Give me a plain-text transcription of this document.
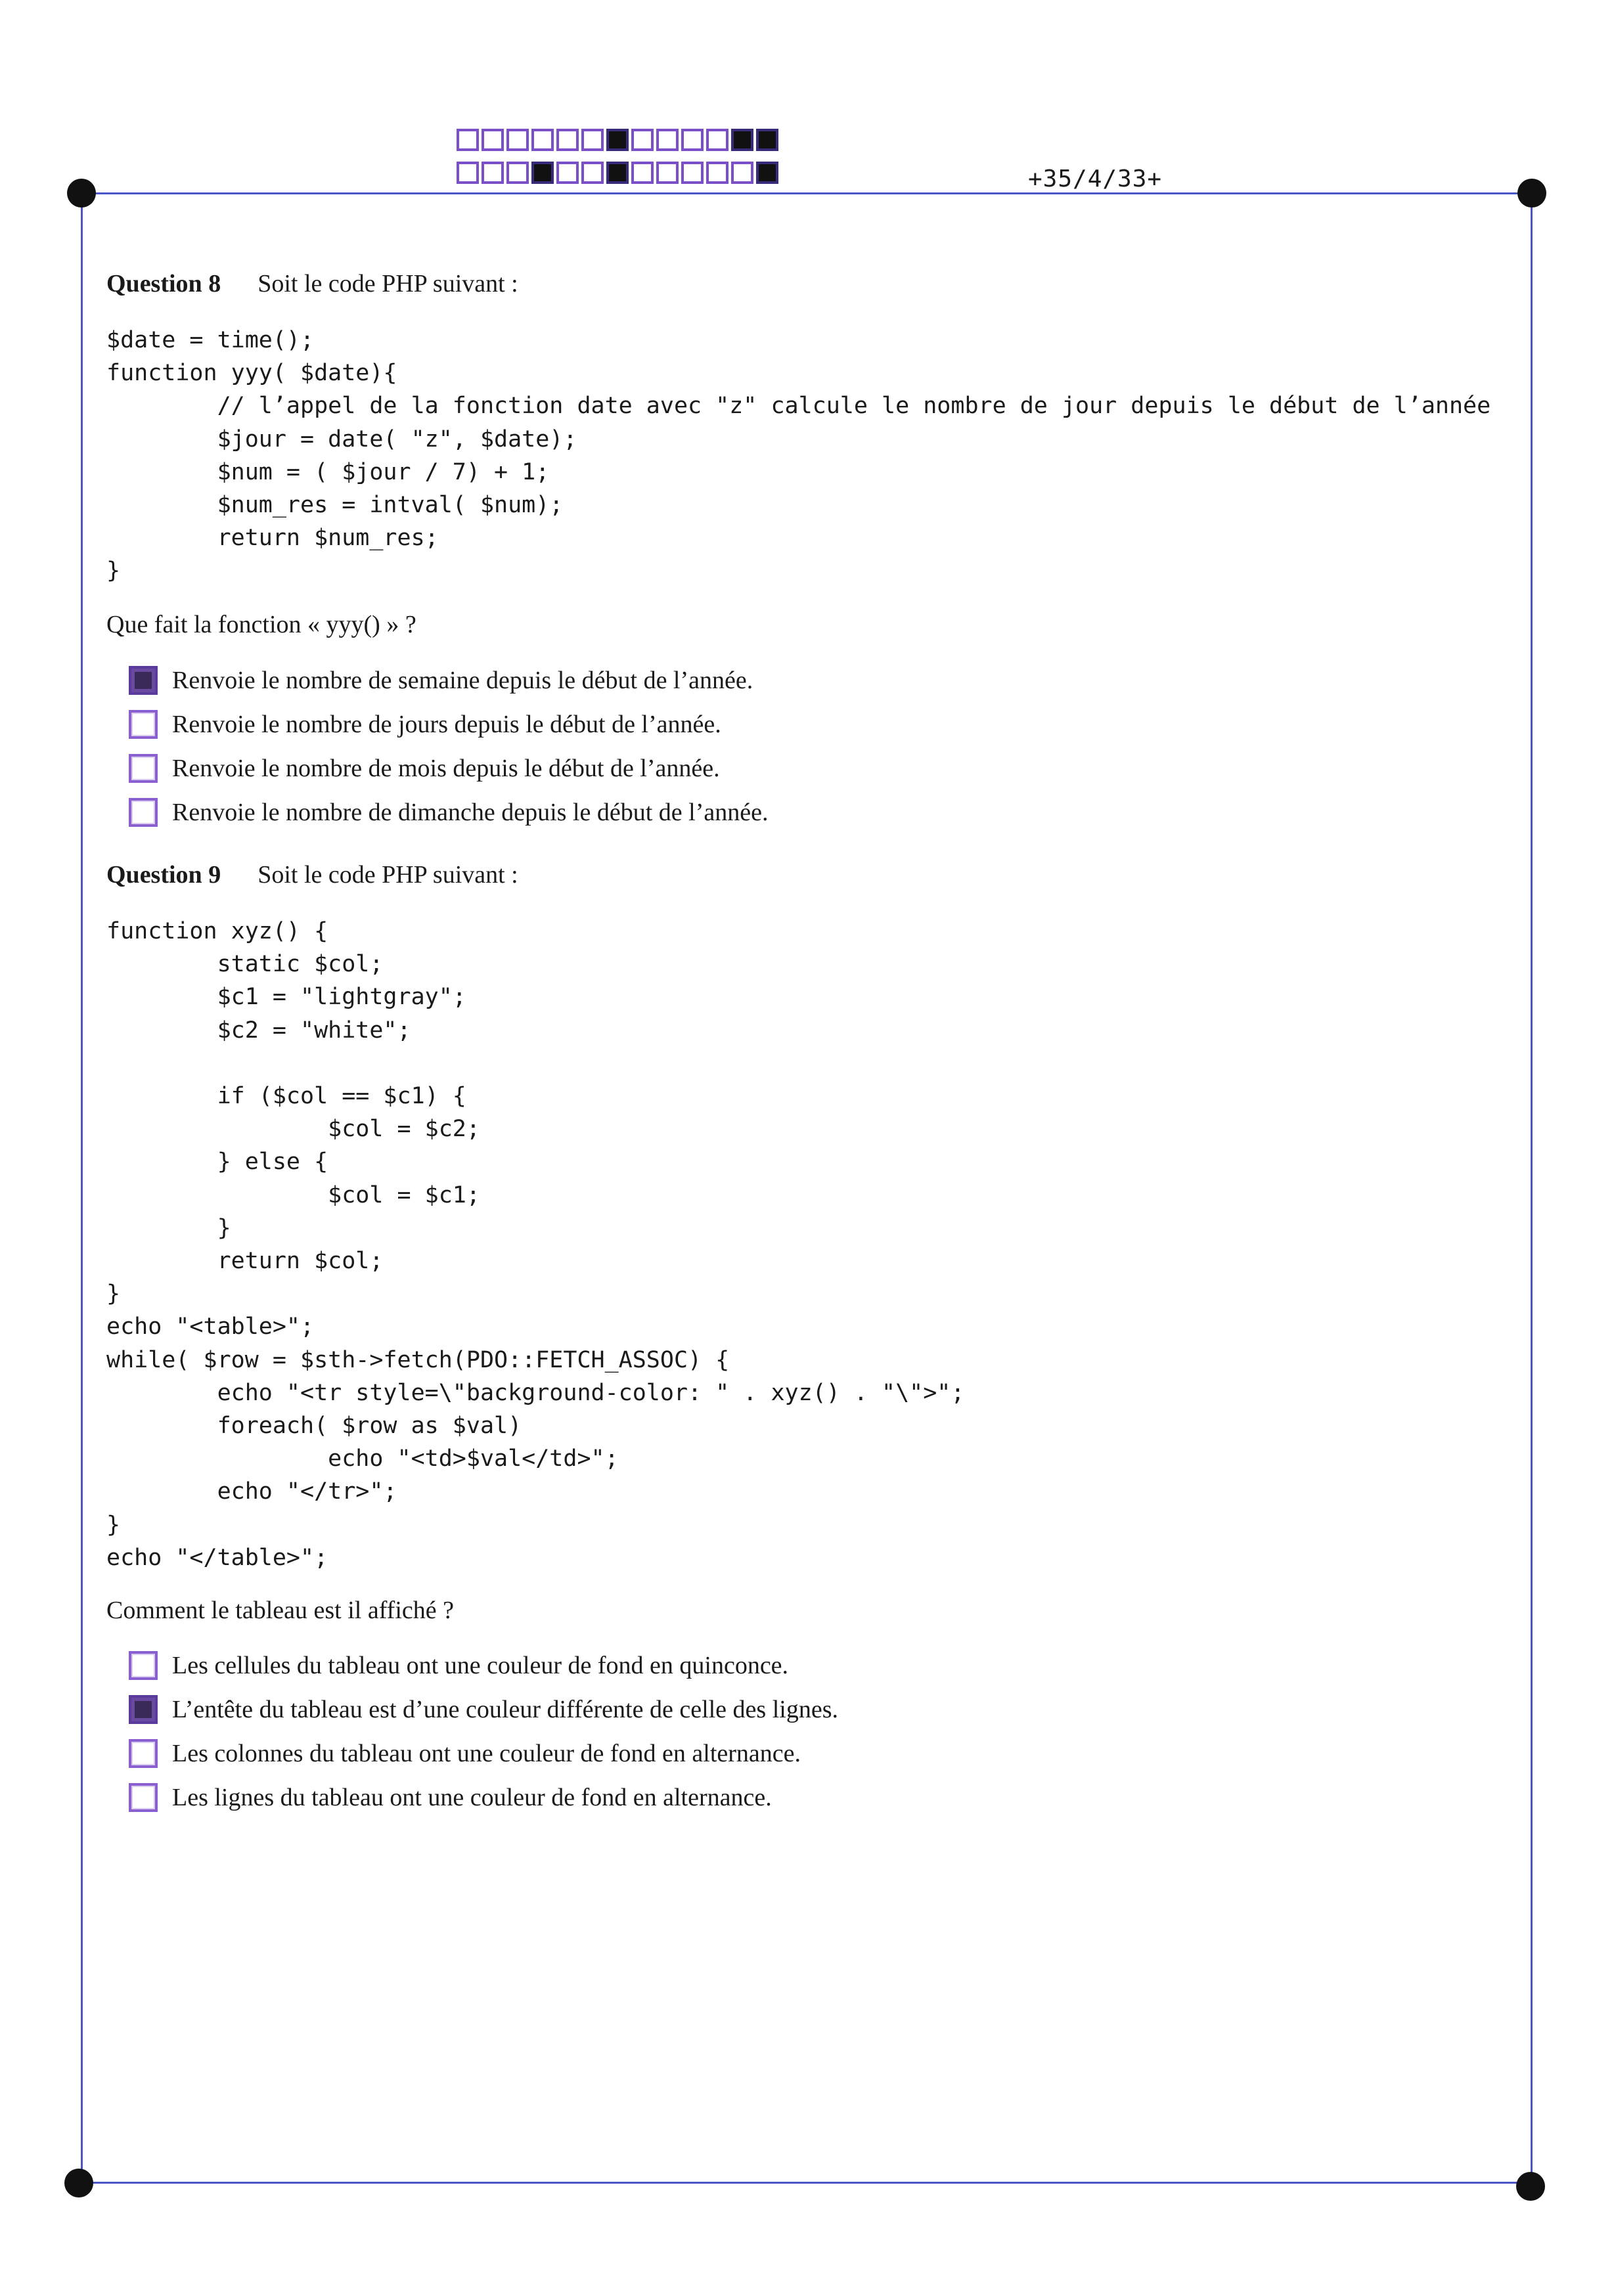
+35/4/33+
Question 8 Soit le code PHP suivant :
$date = time();
function yyy( $date){
// l’appel de la fonction date avec "z" calcule le nombre de jour depuis le début de l’année
$jour = date( "z", $date);
$num = ( $jour / 7) + 1;
$num_res = intval( $num);
return $num_res;
}
Que fait la fonction « yyy() » ?
Renvoie le nombre de semaine depuis le début de l’année.
Renvoie le nombre de jours depuis le début de l’année.
Renvoie le nombre de mois depuis le début de l’année.
Renvoie le nombre de dimanche depuis le début de l’année.
Question 9 Soit le code PHP suivant :
function xyz() {
static $col;
$c1 = "lightgray";
$c2 = "white";

if ($col == $c1) {
$col = $c2;
} else {
$col = $c1;
}
return $col;
}
echo "<table>";
while( $row = $sth->fetch(PDO::FETCH_ASSOC) {
echo "<tr style=\"background-color: " . xyz() . "\">";
foreach( $row as $val)
echo "<td>$val</td>";
echo "</tr>";
}
echo "</table>";
Comment le tableau est il affiché ?
Les cellules du tableau ont une couleur de fond en quinconce.
L’entête du tableau est d’une couleur différente de celle des lignes.
Les colonnes du tableau ont une couleur de fond en alternance.
Les lignes du tableau ont une couleur de fond en alternance.
